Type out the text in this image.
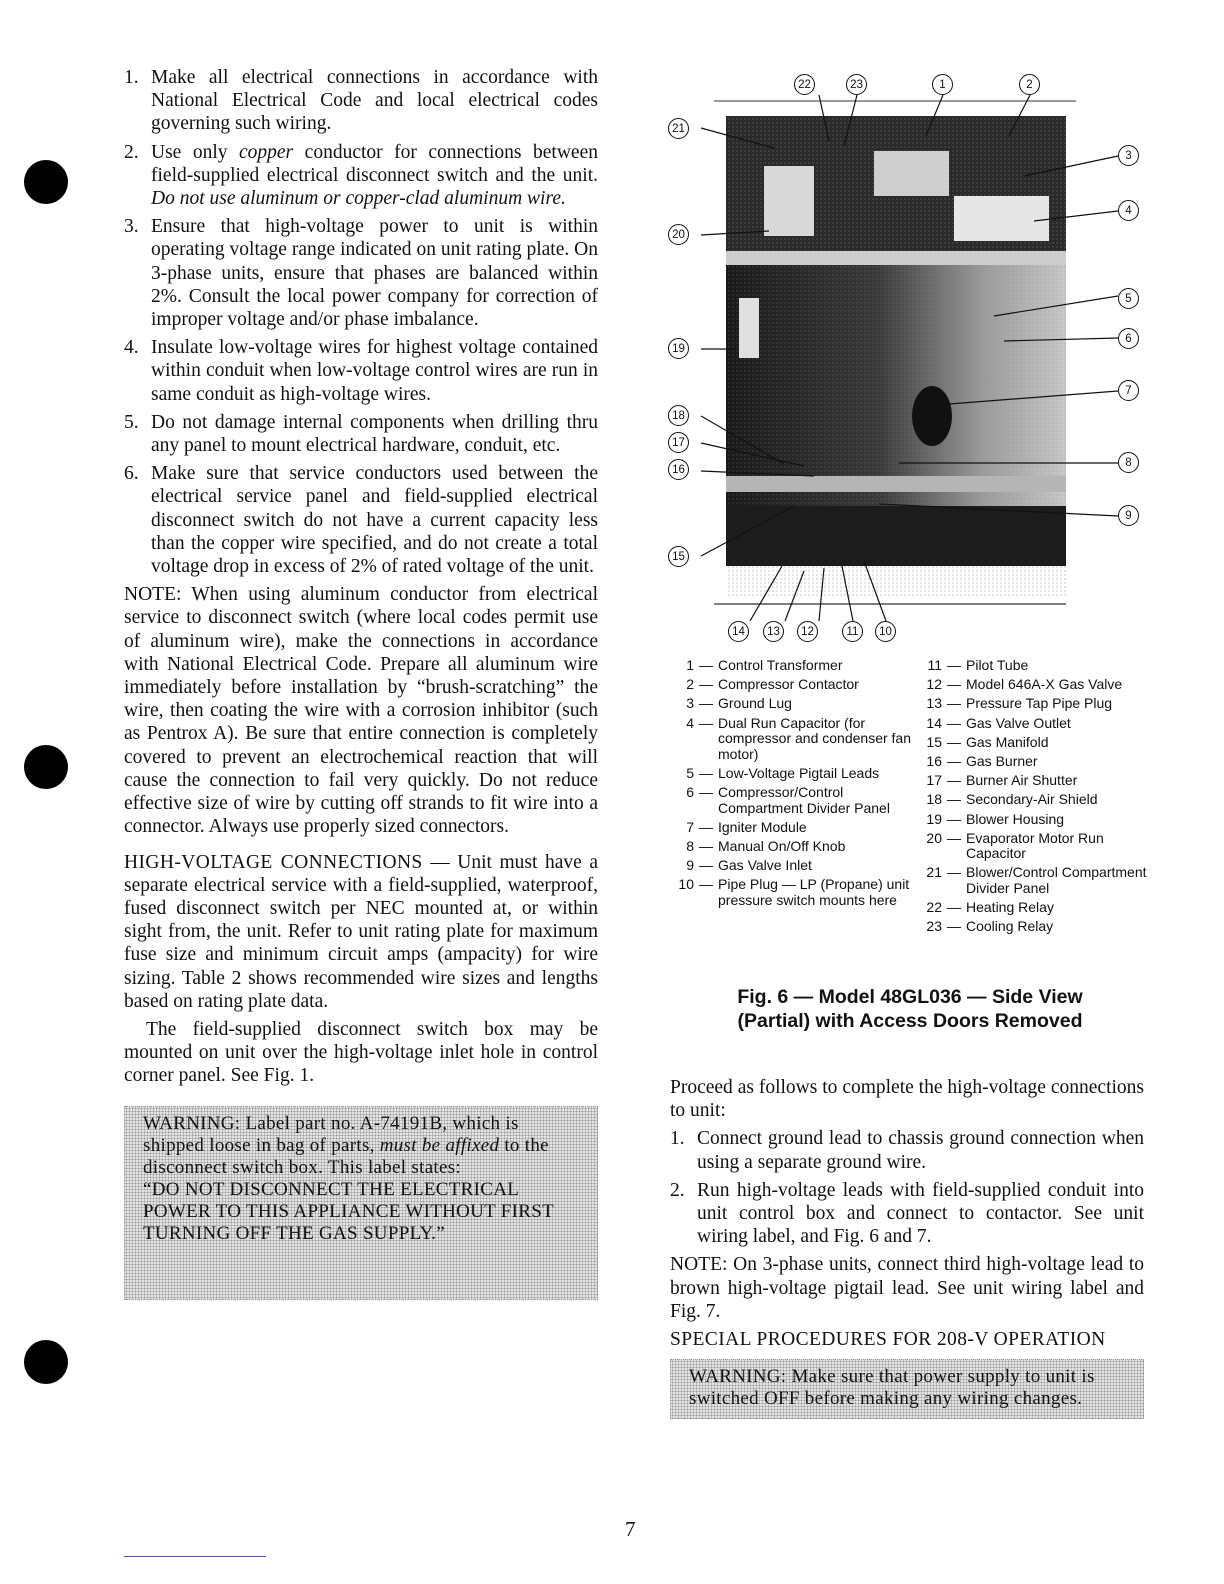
1. Make all electrical connections in accordance with National Electrical Code and local electrical codes governing such wiring.
2. Use only copper conductor for connections between field-supplied electrical disconnect switch and the unit. Do not use aluminum or copper-clad aluminum wire.
3. Ensure that high-voltage power to unit is within operating voltage range indicated on unit rating plate. On 3-phase units, ensure that phases are balanced within 2%. Consult the local power company for correction of improper voltage and/or phase imbalance.
4. Insulate low-voltage wires for highest voltage contained within conduit when low-voltage control wires are run in same conduit as high-voltage wires.
5. Do not damage internal components when drilling thru any panel to mount electrical hardware, conduit, etc.
6. Make sure that service conductors used between the electrical service panel and field-supplied electrical disconnect switch do not have a current capacity less than the copper wire specified, and do not create a total voltage drop in excess of 2% of rated voltage of the unit.

NOTE: When using aluminum conductor from electrical service to disconnect switch (where local codes permit use of aluminum wire), make the connections in accordance with National Electrical Code. Prepare all aluminum wire immediately before installation by “brush-scratching” the wire, then coating the wire with a corrosion inhibitor (such as Pentrox A). Be sure that entire connection is completely covered to prevent an electrochemical reaction that will cause the connection to fail very quickly. Do not reduce effective size of wire by cutting off strands to fit wire into a connector. Always use properly sized connectors.

HIGH-VOLTAGE CONNECTIONS — Unit must have a separate electrical service with a field-supplied, waterproof, fused disconnect switch per NEC mounted at, or within sight from, the unit. Refer to unit rating plate for maximum fuse size and minimum circuit amps (ampacity) for wire sizing. Table 2 shows recommended wire sizes and lengths based on rating plate data.

The field-supplied disconnect switch box may be mounted on unit over the high-voltage inlet hole in control corner panel. See Fig. 1.

WARNING: Label part no. A-74191B, which is shipped loose in bag of parts, must be affixed to the disconnect switch box. This label states:
“DO NOT DISCONNECT THE ELECTRICAL POWER TO THIS APPLIANCE WITHOUT FIRST TURNING OFF THE GAS SUPPLY.”
22	23	1	2
3
4
5
6
7
8
9
21
20
19
18
17
16
15
14	13	12	11	10
1 — Control Transformer
2 — Compressor Contactor
3 — Ground Lug
4 — Dual Run Capacitor (for compressor and condenser fan motor)
5 — Low-Voltage Pigtail Leads
6 — Compressor/Control Compartment Divider Panel
7 — Igniter Module
8 — Manual On/Off Knob
9 — Gas Valve Inlet
10 — Pipe Plug — LP (Propane) unit pressure switch mounts here
11 — Pilot Tube
12 — Model 646A-X Gas Valve
13 — Pressure Tap Pipe Plug
14 — Gas Valve Outlet
15 — Gas Manifold
16 — Gas Burner
17 — Burner Air Shutter
18 — Secondary-Air Shield
19 — Blower Housing
20 — Evaporator Motor Run Capacitor
21 — Blower/Control Compartment Divider Panel
22 — Heating Relay
23 — Cooling Relay
Fig. 6 — Model 48GL036 — Side View
(Partial) with Access Doors Removed

Proceed as follows to complete the high-voltage connections to unit:

1. Connect ground lead to chassis ground connection when using a separate ground wire.
2. Run high-voltage leads with field-supplied conduit into unit control box and connect to contactor. See unit wiring label, and Fig. 6 and 7.

NOTE: On 3-phase units, connect third high-voltage lead to brown high-voltage pigtail lead. See unit wiring label and Fig. 7.

SPECIAL PROCEDURES FOR 208-V OPERATION

WARNING: Make sure that power supply to unit is switched OFF before making any wiring changes.
7
